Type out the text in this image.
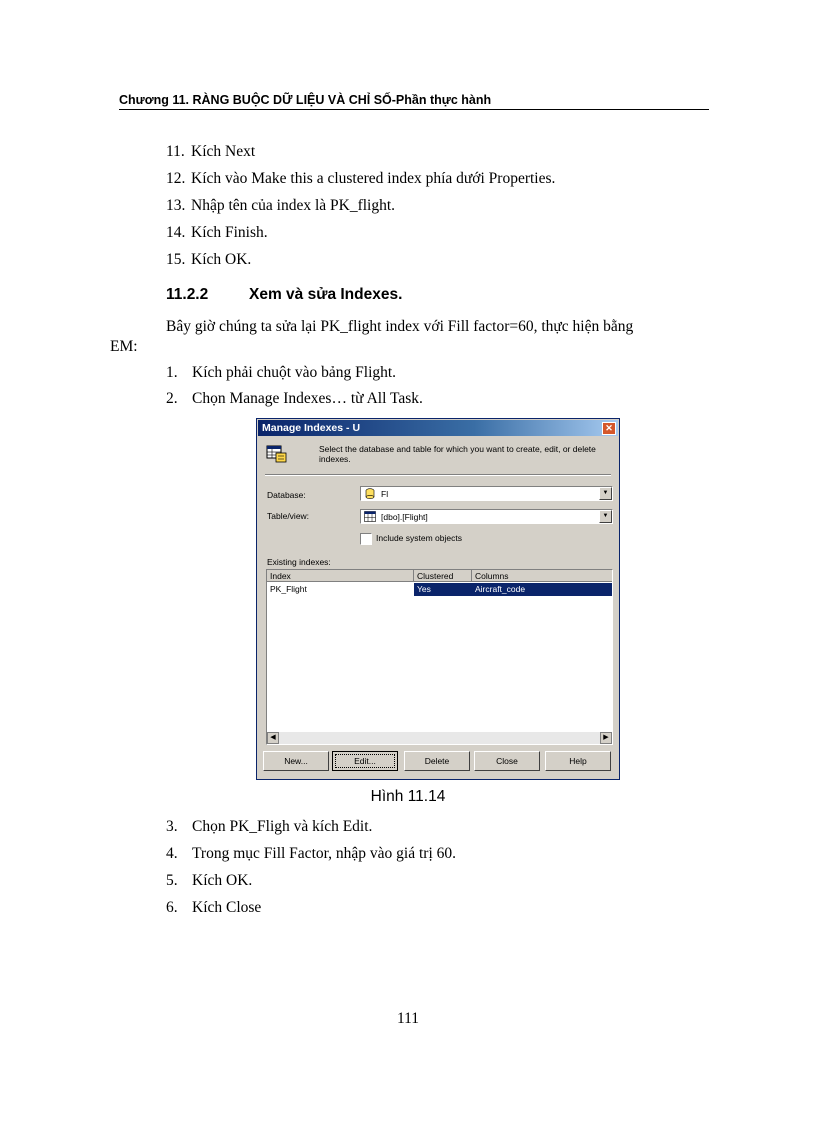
Chương 11. RÀNG BUỘC DỮ LIỆU VÀ CHỈ SỐ-Phần thực hành
11. Kích Next
12. Kích vào Make this a clustered index phía dưới Properties.
13. Nhập tên của index là PK_flight.
14. Kích Finish.
15. Kích OK.
11.2.2	Xem và sửa Indexes.
Bây giờ chúng ta sửa lại PK_flight index với Fill factor=60, thực hiện bằng
EM:
1. Kích phải chuột vào bảng Flight.
2. Chọn Manage Indexes… từ All Task.
Manage Indexes - U	✕
Select the database and table for which you want to create, edit, or delete indexes.
Database:	Fl	▼
Table/view:	[dbo].[Flight]	▼
Include system objects
Existing indexes:
Index	Clustered	Columns
PK_Flight	Yes	Aircraft_code
◀	▶
New...	Edit...	Delete	Close	Help
Hình 11.14
3. Chọn PK_Fligh và kích Edit.
4. Trong mục Fill Factor, nhập vào giá trị 60.
5. Kích OK.
6. Kích Close
111
